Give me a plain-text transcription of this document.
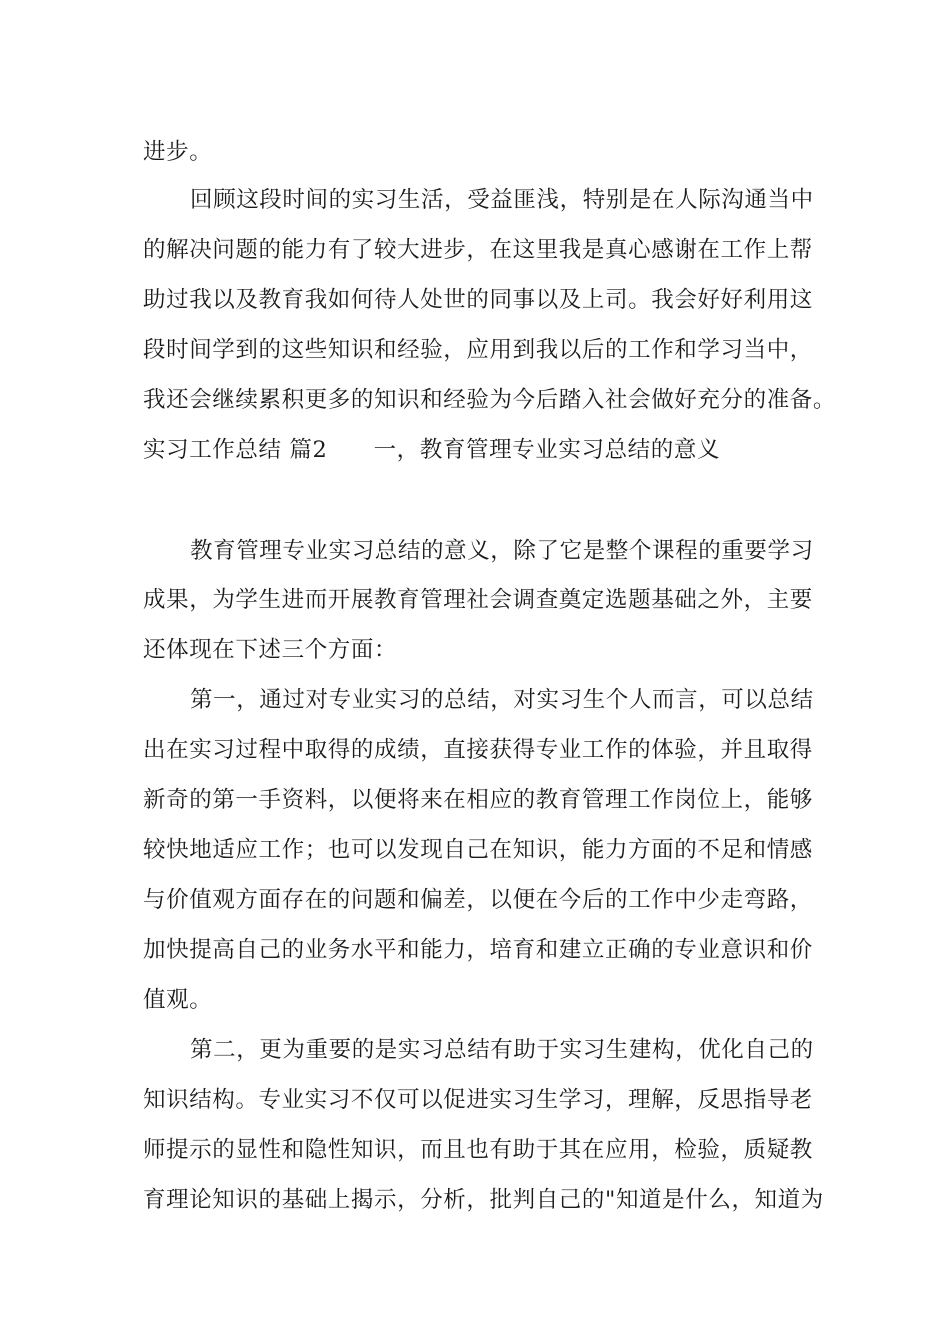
进步。
回顾这段时间的实习生活，受益匪浅，特别是在人际沟通当中
的解决问题的能力有了较大进步，在这里我是真心感谢在工作上帮
助过我以及教育我如何待人处世的同事以及上司。我会好好利用这
段时间学到的这些知识和经验，应用到我以后的工作和学习当中，
我还会继续累积更多的知识和经验为今后踏入社会做好充分的准备。
实习工作总结 篇2　　一，教育管理专业实习总结的意义
教育管理专业实习总结的意义，除了它是整个课程的重要学习
成果，为学生进而开展教育管理社会调查奠定选题基础之外，主要
还体现在下述三个方面：
第一，通过对专业实习的总结，对实习生个人而言，可以总结
出在实习过程中取得的成绩，直接获得专业工作的体验，并且取得
新奇的第一手资料，以便将来在相应的教育管理工作岗位上，能够
较快地适应工作；也可以发现自己在知识，能力方面的不足和情感
与价值观方面存在的问题和偏差，以便在今后的工作中少走弯路，
加快提高自己的业务水平和能力，培育和建立正确的专业意识和价
值观。
第二，更为重要的是实习总结有助于实习生建构，优化自己的
知识结构。专业实习不仅可以促进实习生学习，理解，反思指导老
师提示的显性和隐性知识，而且也有助于其在应用，检验，质疑教
育理论知识的基础上揭示，分析，批判自己的"知道是什么，知道为
